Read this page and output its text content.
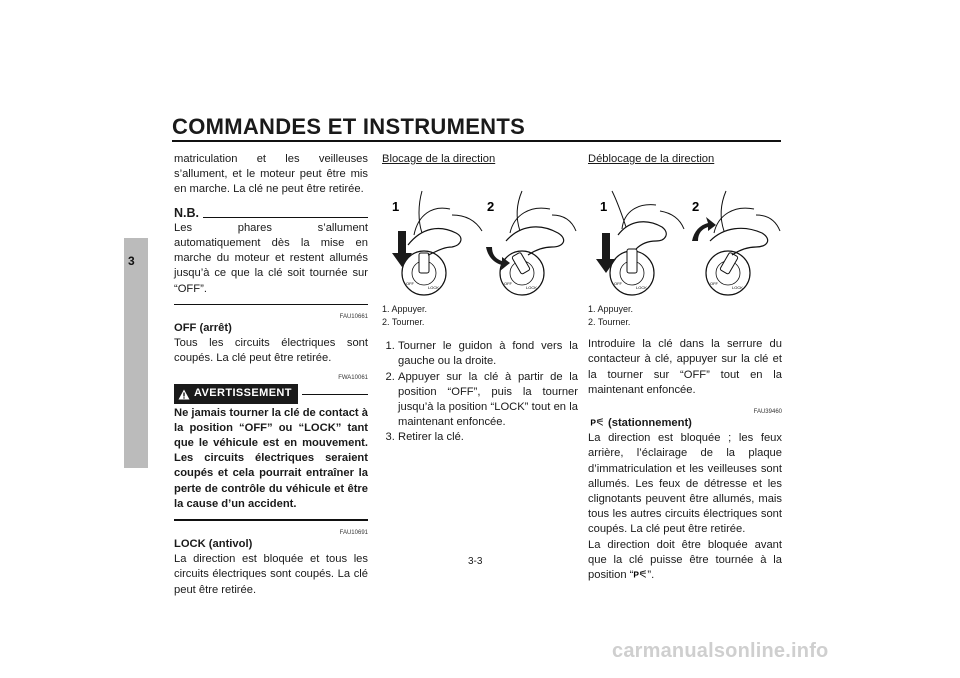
COMMANDES ET INSTRUMENTS
3

matriculation et les veilleuses s’allument, et le moteur peut être mis en marche. La clé ne peut être retirée.

N.B.

Les phares s’allument automatiquement dès la mise en marche du moteur et restent allumés jusqu’à ce que la clé soit tournée sur “OFF”.

FAU10661
OFF (arrêt)

Tous les circuits électriques sont coupés. La clé peut être retirée.

FWA10061
AVERTISSEMENT

Ne jamais tourner la clé de contact à la position “OFF” ou “LOCK” tant que le véhicule est en mouvement. Les circuits électriques seraient coupés et cela pourrait entraîner la perte de contrôle du véhicule et être la cause d’un accident.

FAU10691
LOCK (antivol)

La direction est bloquée et tous les circuits électriques sont coupés. La clé peut être retirée.

Blocage de la direction
1	2
OFF
LOCK
OFF
LOCK
1. Appuyer.
2. Tourner.
1. Tourner le guidon à fond vers la gauche ou la droite.
2. Appuyer sur la clé à partir de la position “OFF”, puis la tourner jusqu’à la position “LOCK” tout en la maintenant enfoncée.
3. Retirer la clé.
Déblocage de la direction
1	2
OFF
LOCK
OFF
LOCK
1. Appuyer.
2. Tourner.

Introduire la clé dans la serrure du contacteur à clé, appuyer sur la clé et la tourner sur “OFF” tout en la maintenant enfoncée.

FAU39460
(stationnement)

La direction est bloquée ; les feux arrière, l’éclairage de la plaque d’immatriculation et les veilleuses sont allumés. Les feux de détresse et les clignotants peuvent être allumés, mais tous les autres circuits électriques sont coupés. La clé peut être retirée.

La direction doit être bloquée avant que la clé puisse être tournée à la position “ ”.

3-3
carmanualsonline.info
